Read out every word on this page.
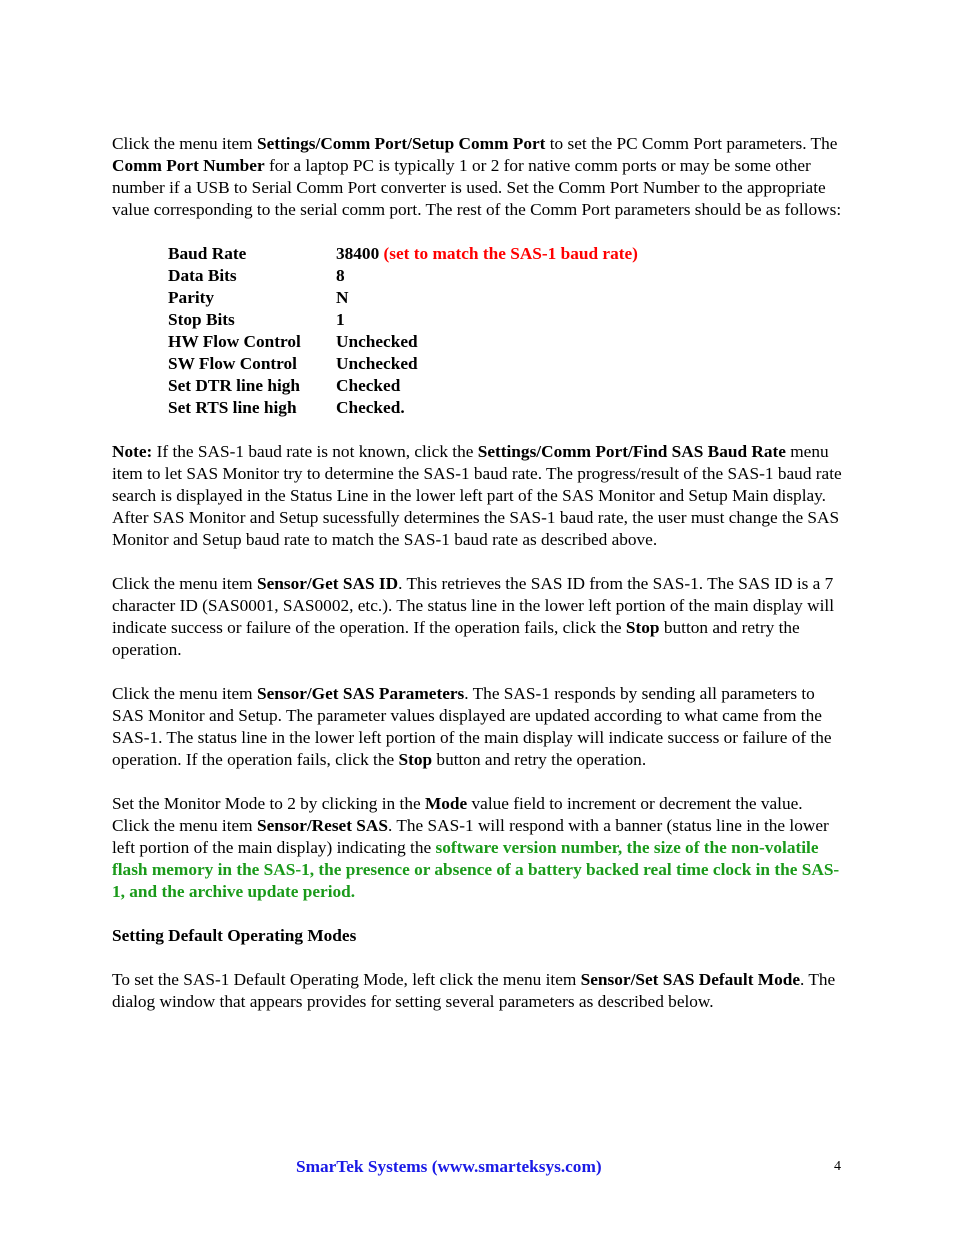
Click the menu item Settings/Comm Port/Setup Comm Port to set the PC Comm Port parameters. The Comm Port Number for a laptop PC is typically 1 or 2 for native comm ports or may be some other number if a USB to Serial Comm Port converter is used. Set the Comm Port Number to the appropriate value corresponding to the serial comm port. The rest of the Comm Port parameters should be as follows:

Baud Rate	38400 (set to match the SAS-1 baud rate)
Data Bits	8
Parity	N
Stop Bits	1
HW Flow Control	Unchecked
SW Flow Control	Unchecked
Set DTR line high	Checked
Set RTS line high	Checked.

Note: If the SAS-1 baud rate is not known, click the Settings/Comm Port/Find SAS Baud Rate menu item to let SAS Monitor try to determine the SAS-1 baud rate. The progress/result of the SAS-1 baud rate search is displayed in the Status Line in the lower left part of the SAS Monitor and Setup Main display. After SAS Monitor and Setup sucessfully determines the SAS-1 baud rate, the user must change the SAS Monitor and Setup baud rate to match the SAS-1 baud rate as described above.

Click the menu item Sensor/Get SAS ID. This retrieves the SAS ID from the SAS-1. The SAS ID is a 7 character ID (SAS0001, SAS0002, etc.). The status line in the lower left portion of the main display will indicate success or failure of the operation. If the operation fails, click the Stop button and retry the operation.

Click the menu item Sensor/Get SAS Parameters. The SAS-1 responds by sending all parameters to SAS Monitor and Setup. The parameter values displayed are updated according to what came from the SAS-1. The status line in the lower left portion of the main display will indicate success or failure of the operation. If the operation fails, click the Stop button and retry the operation.

Set the Monitor Mode to 2 by clicking in the Mode value field to increment or decrement the value. Click the menu item Sensor/Reset SAS. The SAS-1 will respond with a banner (status line in the lower left portion of the main display) indicating the software version number, the size of the non-volatile flash memory in the SAS-1, the presence or absence of a battery backed real time clock in the SAS-1, and the archive update period.

Setting Default Operating Modes

To set the SAS-1 Default Operating Mode, left click the menu item Sensor/Set SAS Default Mode. The dialog window that appears provides for setting several parameters as described below.

SmarTek Systems (www.smarteksys.com)	4
